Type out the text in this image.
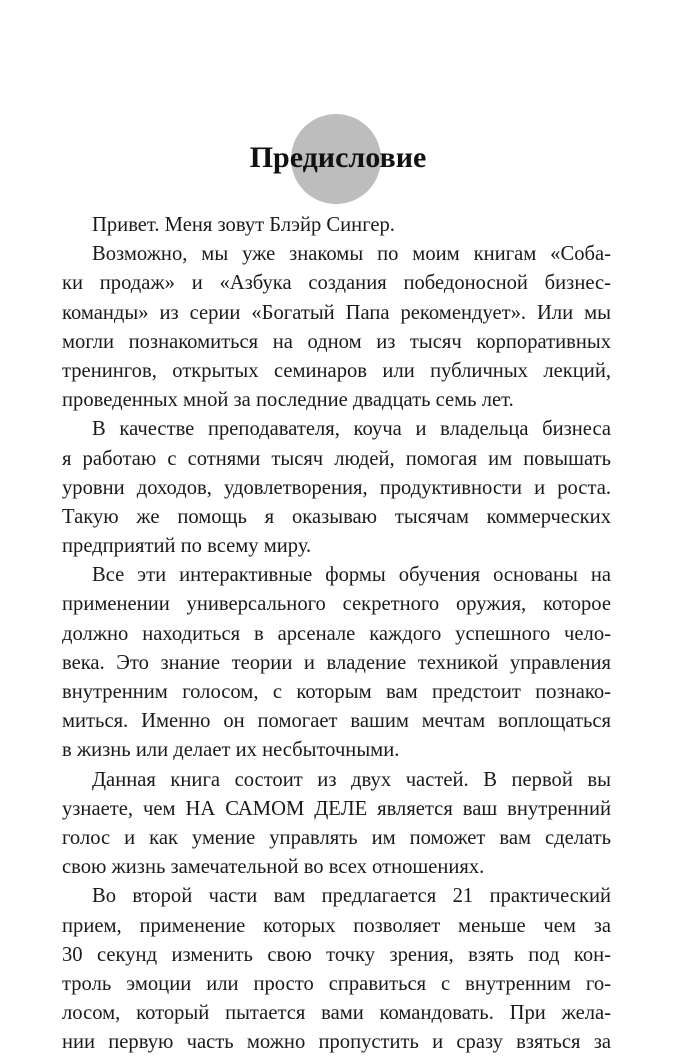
Предисловие

Привет. Меня зовут Блэйр Сингер.

Возможно, мы уже знакомы по моим книгам «Соба-
ки продаж» и «Азбука создания победоносной бизнес-
команды» из серии «Богатый Папа рекомендует». Или мы
могли познакомиться на одном из тысяч корпоративных
тренингов, открытых семинаров или публичных лекций,
проведенных мной за последние двадцать семь лет.

В качестве преподавателя, коуча и владельца бизнеса
я работаю с сотнями тысяч людей, помогая им повышать
уровни доходов, удовлетворения, продуктивности и роста.
Такую же помощь я оказываю тысячам коммерческих
предприятий по всему миру.

Все эти интерактивные формы обучения основаны на
применении универсального секретного оружия, которое
должно находиться в арсенале каждого успешного чело-
века. Это знание теории и владение техникой управления
внутренним голосом, с которым вам предстоит познако-
миться. Именно он помогает вашим мечтам воплощаться
в жизнь или делает их несбыточными.

Данная книга состоит из двух частей. В первой вы
узнаете, чем НА САМОМ ДЕЛЕ является ваш внутренний
голос и как умение управлять им поможет вам сделать
свою жизнь замечательной во всех отношениях.

Во второй части вам предлагается 21 практический
прием, применение которых позволяет меньше чем за
30 секунд изменить свою точку зрения, взять под кон-
троль эмоции или просто справиться с внутренним го-
лосом, который пытается вами командовать. При жела-
нии первую часть можно пропустить и сразу взяться за
